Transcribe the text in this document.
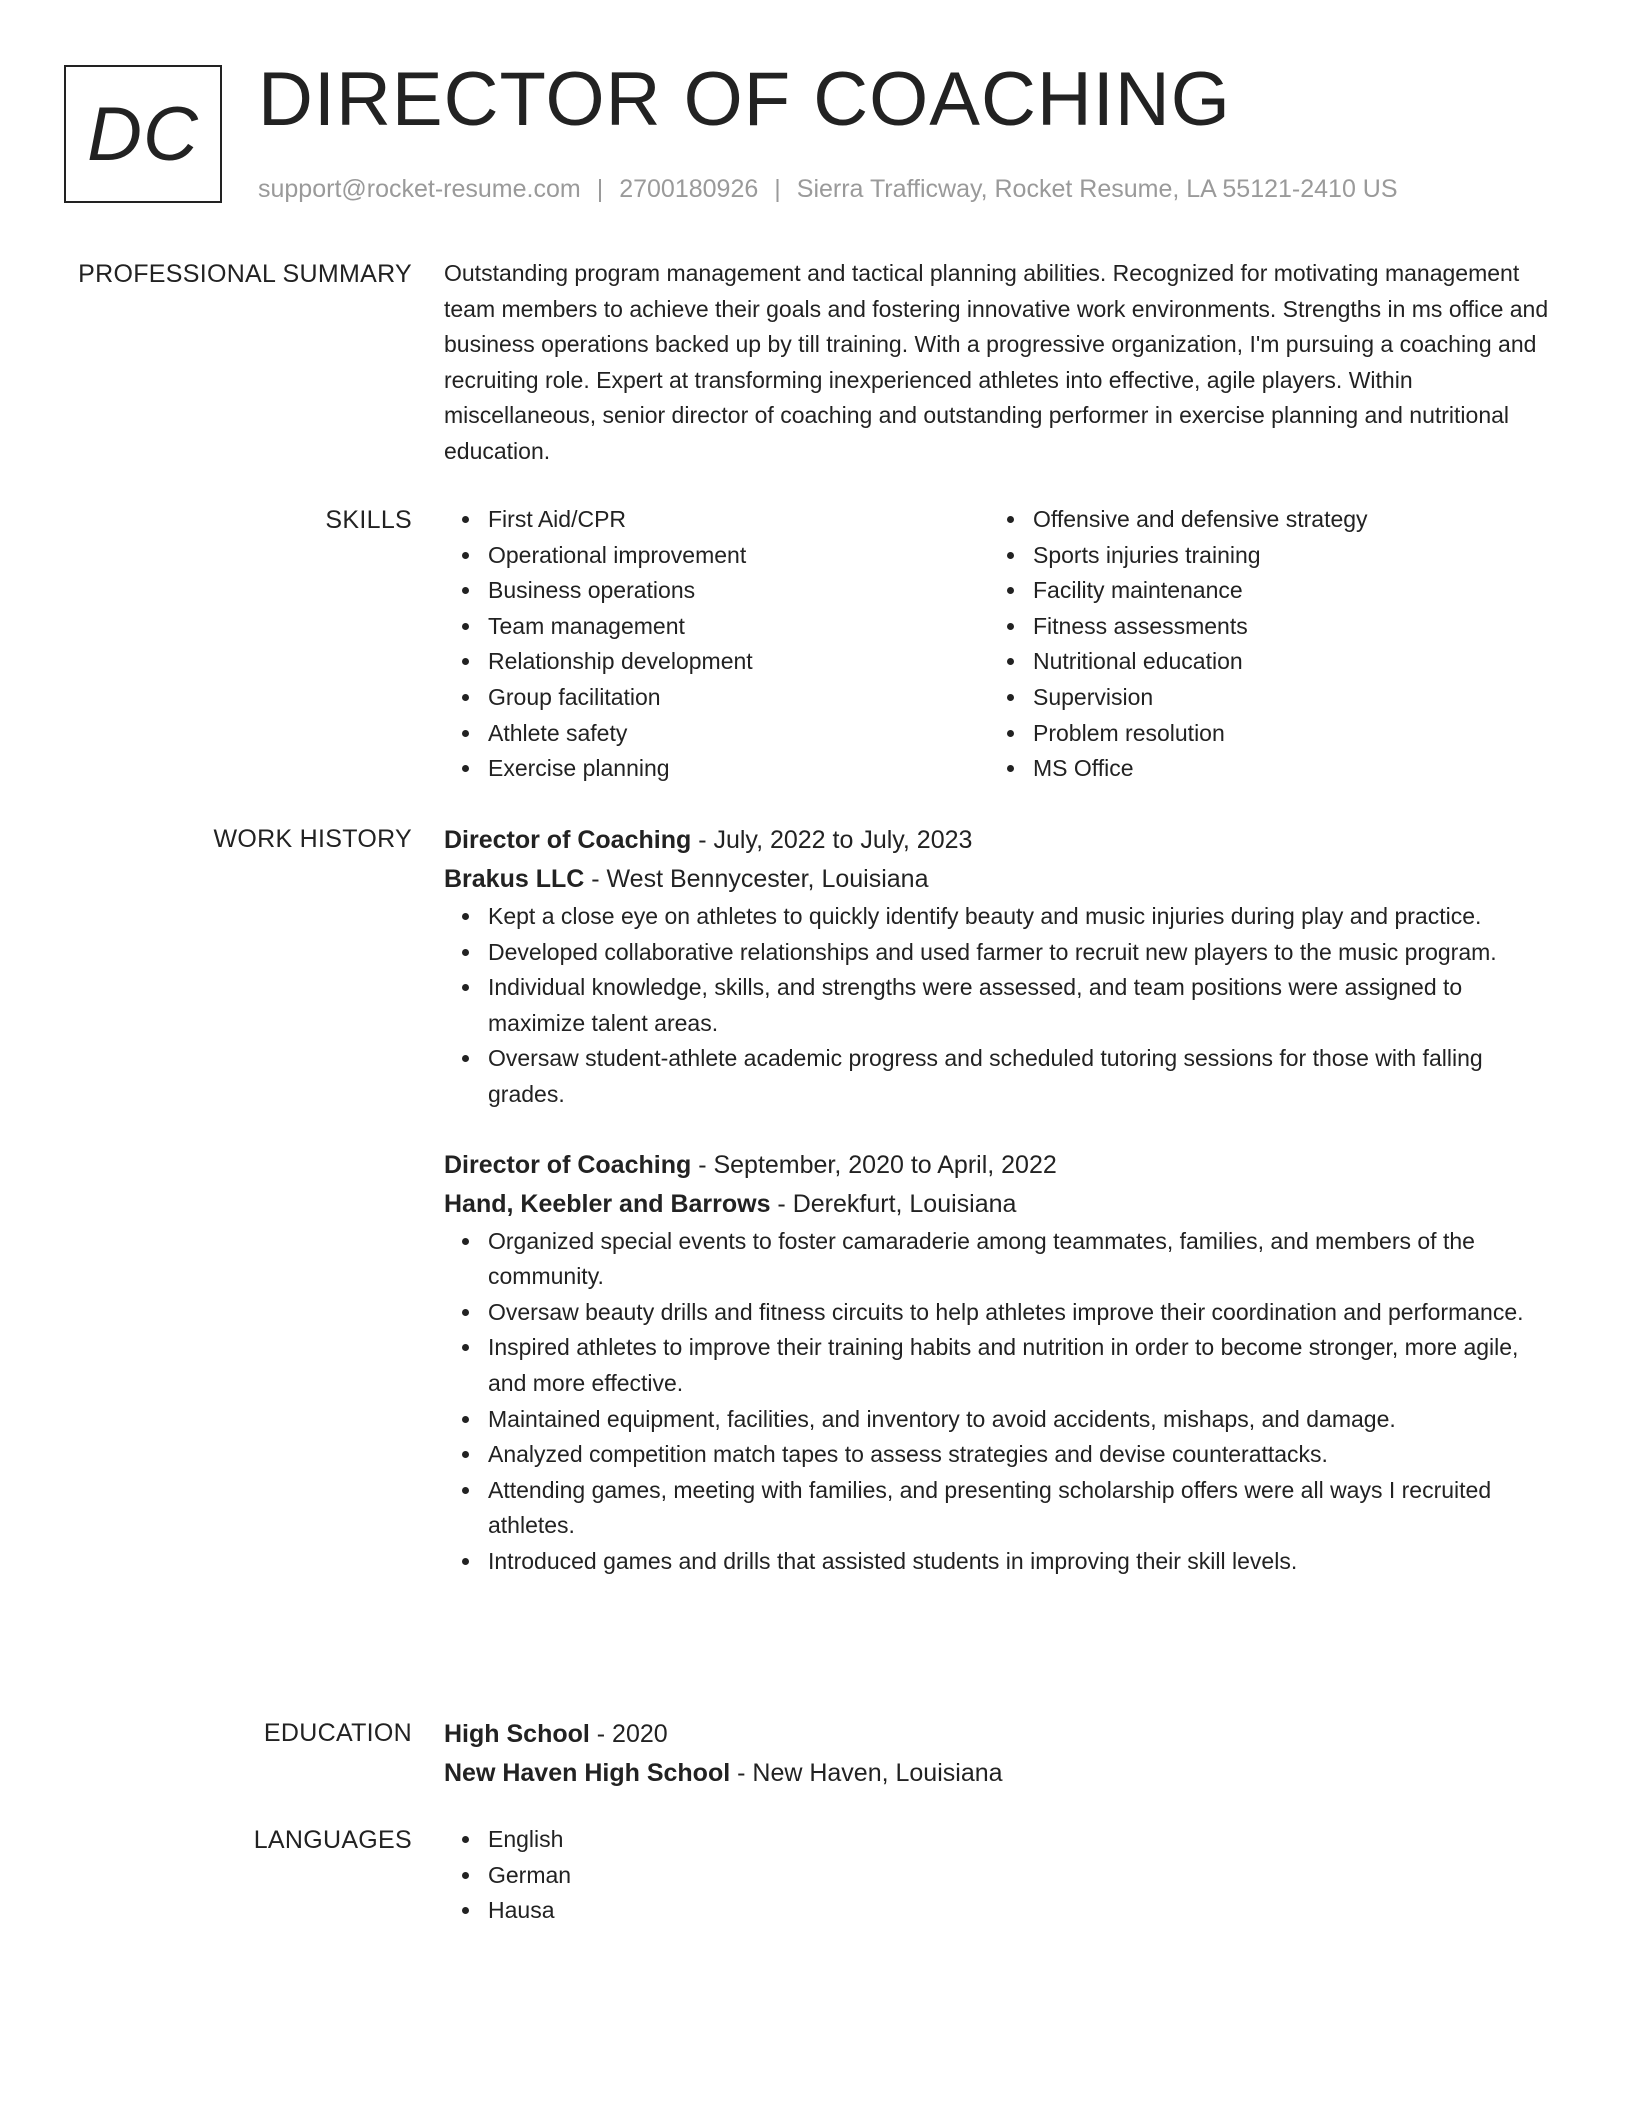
DC DIRECTOR OF COACHING
support@rocket-resume.com | 2700180926 | Sierra Trafficway, Rocket Resume, LA 55121-2410 US
PROFESSIONAL SUMMARY Outstanding program management and tactical planning abilities. Recognized for motivating management team members to achieve their goals and fostering innovative work environments. Strengths in ms office and business operations backed up by till training. With a progressive organization, I'm pursuing a coaching and recruiting role. Expert at transforming inexperienced athletes into effective, agile players. Within miscellaneous, senior director of coaching and outstanding performer in exercise planning and nutritional education.

SKILLS	First Aid/CPR
Operational improvement
Business operations
Team management
Relationship development
Group facilitation
Athlete safety
Exercise planning
Offensive and defensive strategy
Sports injuries training
Facility maintenance
Fitness assessments
Nutritional education
Supervision
Problem resolution
MS Office
WORK HISTORY Director of Coaching - July, 2022 to July, 2023
Brakus LLC - West Bennycester, Louisiana
Kept a close eye on athletes to quickly identify beauty and music injuries during play and practice.
Developed collaborative relationships and used farmer to recruit new players to the music program.
Individual knowledge, skills, and strengths were assessed, and team positions were assigned to maximize talent areas.
Oversaw student-athlete academic progress and scheduled tutoring sessions for those with falling grades.
Director of Coaching - September, 2020 to April, 2022
Hand, Keebler and Barrows - Derekfurt, Louisiana
Organized special events to foster camaraderie among teammates, families, and members of the community.
Oversaw beauty drills and fitness circuits to help athletes improve their coordination and performance.
Inspired athletes to improve their training habits and nutrition in order to become stronger, more agile, and more effective.
Maintained equipment, facilities, and inventory to avoid accidents, mishaps, and damage.
Analyzed competition match tapes to assess strategies and devise counterattacks.
Attending games, meeting with families, and presenting scholarship offers were all ways I recruited athletes.
Introduced games and drills that assisted students in improving their skill levels.
EDUCATION High School - 2020
New Haven High School - New Haven, Louisiana
LANGUAGES	English
German
Hausa
